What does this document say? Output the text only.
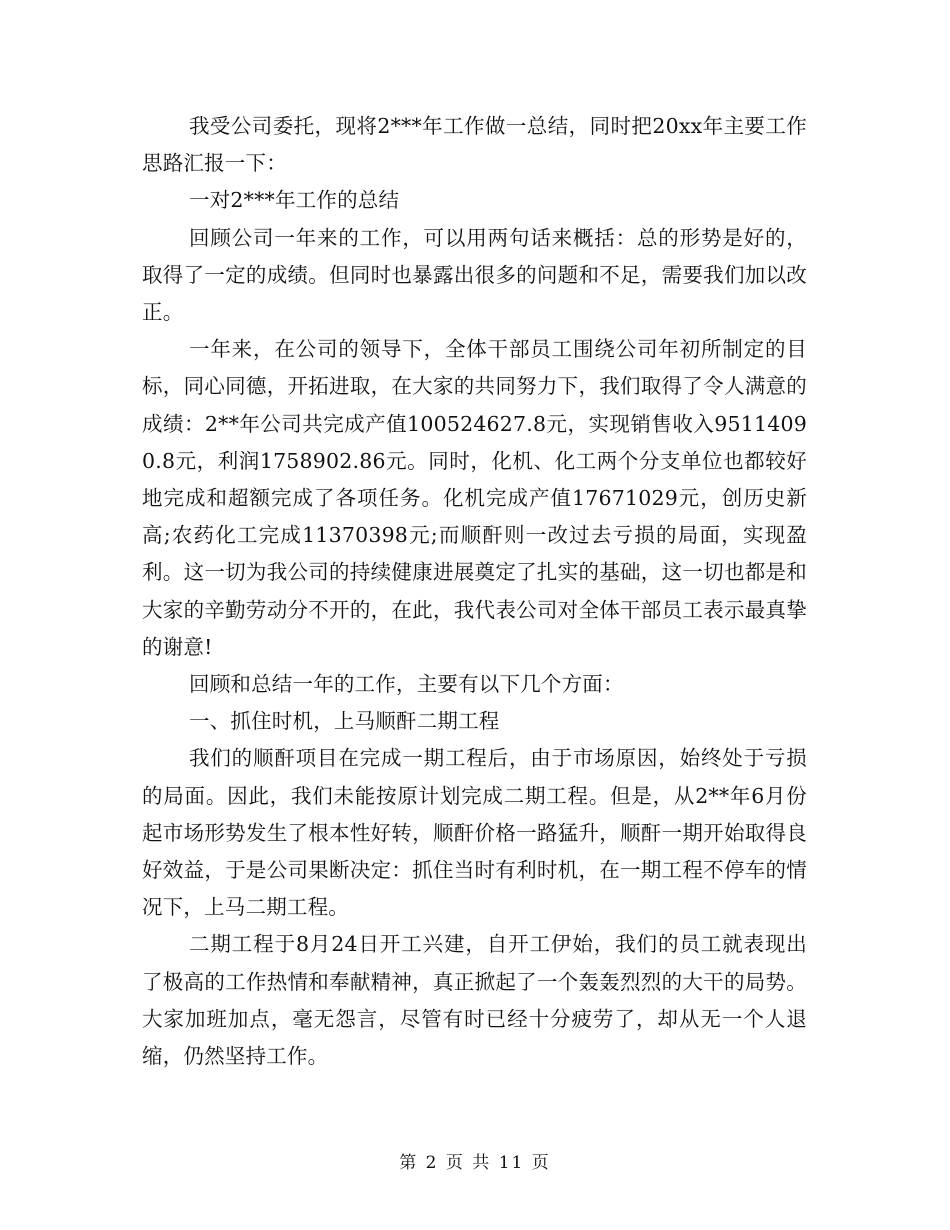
我受公司委托，现将2***年工作做一总结，同时把20xx年主要工作思路汇报一下：

一对2***年工作的总结

回顾公司一年来的工作，可以用两句话来概括：总的形势是好的，取得了一定的成绩。但同时也暴露出很多的问题和不足，需要我们加以改正。

一年来，在公司的领导下，全体干部员工围绕公司年初所制定的目标，同心同德，开拓进取，在大家的共同努力下，我们取得了令人满意的成绩：2**年公司共完成产值100524627.8元，实现销售收入95114090.8元，利润1758902.86元。同时，化机、化工两个分支单位也都较好地完成和超额完成了各项任务。化机完成产值17671029元，创历史新高;农药化工完成11370398元;而顺酐则一改过去亏损的局面，实现盈利。这一切为我公司的持续健康进展奠定了扎实的基础，这一切也都是和大家的辛勤劳动分不开的，在此，我代表公司对全体干部员工表示最真挚的谢意!

回顾和总结一年的工作，主要有以下几个方面：

一、抓住时机，上马顺酐二期工程

我们的顺酐项目在完成一期工程后，由于市场原因，始终处于亏损的局面。因此，我们未能按原计划完成二期工程。但是，从2**年6月份起市场形势发生了根本性好转，顺酐价格一路猛升，顺酐一期开始取得良好效益，于是公司果断决定：抓住当时有利时机，在一期工程不停车的情况下，上马二期工程。

二期工程于8月24日开工兴建，自开工伊始，我们的员工就表现出了极高的工作热情和奉献精神，真正掀起了一个轰轰烈烈的大干的局势。大家加班加点，毫无怨言，尽管有时已经十分疲劳了，却从无一个人退缩，仍然坚持工作。

第 2 页 共 11 页
